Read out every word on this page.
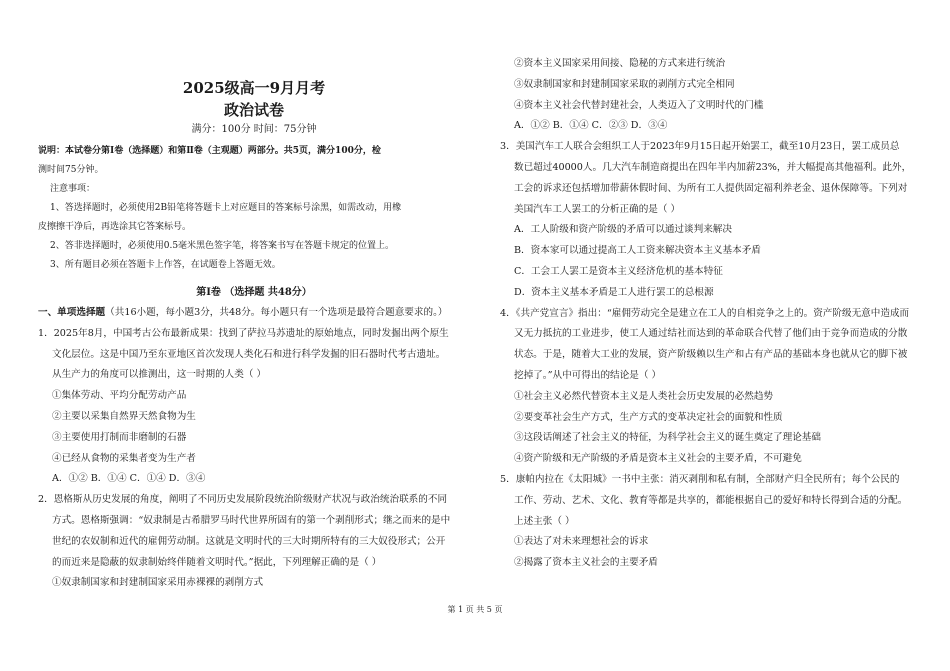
2025级高一9月月考
政治试卷
满分：100分 时间：75分钟
说明：本试卷分第Ⅰ卷（选择题）和第Ⅱ卷（主观题）两部分。共5页，满分100分，检
测时间75分钟。
注意事项：
1、答选择题时，必须使用2B铅笔将答题卡上对应题目的答案标号涂黑，如需改动，用橡
皮擦擦干净后，再选涂其它答案标号。
2、答非选择题时，必须使用0.5毫米黑色签字笔，将答案书写在答题卡规定的位置上。
3、所有题目必须在答题卡上作答，在试题卷上答题无效。
第Ⅰ卷 （选择题 共48分）
一、单项选择题（共16小题，每小题3分，共48分。每小题只有一个选项是最符合题意要求的。）
1．2025年8月，中国考古公布最新成果：找到了萨拉马苏遗址的原始地点，同时发掘出两个原生
文化层位。这是中国乃至东亚地区首次发现人类化石和进行科学发掘的旧石器时代考古遗址。
从生产力的角度可以推测出，这一时期的人类（ ）
①集体劳动、平均分配劳动产品
②主要以采集自然界天然食物为生
③主要使用打制而非磨制的石器
④已经从食物的采集者变为生产者
A．①② B．①④ C．①④ D．③④
2．恩格斯从历史发展的角度，阐明了不同历史发展阶段统治阶级财产状况与政治统治联系的不同
方式。恩格斯强调：“奴隶制是古希腊罗马时代世界所固有的第一个剥削形式；继之而来的是中
世纪的农奴制和近代的雇佣劳动制。这就是文明时代的三大时期所特有的三大奴役形式；公开
的而近来是隐蔽的奴隶制始终伴随着文明时代。”据此，下列理解正确的是（ ）
①奴隶制国家和封建制国家采用赤裸裸的剥削方式
②资本主义国家采用间接、隐秘的方式来进行统治
③奴隶制国家和封建制国家采取的剥削方式完全相同
④资本主义社会代替封建社会，人类迈入了文明时代的门槛
A．①② B．①④ C．②③ D．③④
3．美国汽车工人联合会组织工人于2023年9月15日起开始罢工，截至10月23日，罢工成员总
数已超过40000人。几大汽车制造商提出在四年半内加薪23%，并大幅提高其他福利。此外，
工会的诉求还包括增加带薪休假时间、为所有工人提供固定福利养老金、退休保障等。下列对
美国汽车工人罢工的分析正确的是（ ）
A．工人阶级和资产阶级的矛盾可以通过谈判来解决
B．资本家可以通过提高工人工资来解决资本主义基本矛盾
C．工会工人罢工是资本主义经济危机的基本特征
D．资本主义基本矛盾是工人进行罢工的总根源
4．《共产党宣言》指出：“雇佣劳动完全是建立在工人的自相竞争之上的。资产阶级无意中造成而
又无力抵抗的工业进步，使工人通过结社而达到的革命联合代替了他们由于竞争而造成的分散
状态。于是，随着大工业的发展，资产阶级赖以生产和占有产品的基础本身也就从它的脚下被
挖掉了。”从中可得出的结论是（ ）
①社会主义必然代替资本主义是人类社会历史发展的必然趋势
②要变革社会生产方式，生产方式的变革决定社会的面貌和性质
③这段话阐述了社会主义的特征，为科学社会主义的诞生奠定了理论基础
④资产阶级和无产阶级的矛盾是资本主义社会的主要矛盾，不可避免
5．康帕内拉在《太阳城》一书中主张：消灭剥削和私有制，全部财产归全民所有；每个公民的
工作、劳动、艺术、文化、教育等都是共享的，都能根据自己的爱好和特长得到合适的分配。
上述主张（ ）
①表达了对未来理想社会的诉求
②揭露了资本主义社会的主要矛盾
第 1 页 共 5 页
